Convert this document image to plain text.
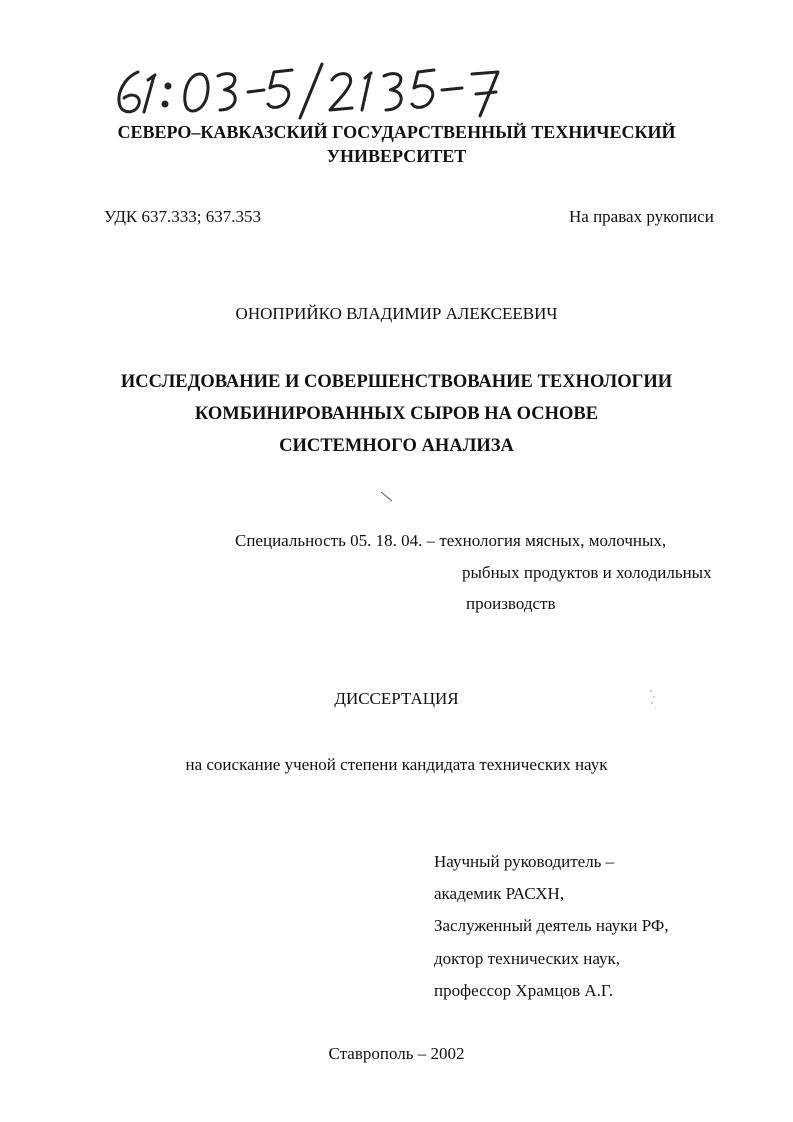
СЕВЕРО–КАВКАЗСКИЙ ГОСУДАРСТВЕННЫЙ ТЕХНИЧЕСКИЙ
УНИВЕРСИТЕТ
УДК 637.333; 637.353	На правах рукописи
ОНОПРИЙКО ВЛАДИМИР АЛЕКСЕЕВИЧ
ИССЛЕДОВАНИЕ И СОВЕРШЕНСТВОВАНИЕ ТЕХНОЛОГИИ
КОМБИНИРОВАННЫХ СЫРОВ НА ОСНОВЕ
СИСТЕМНОГО АНАЛИЗА
Специальность 05. 18. 04. – технология мясных, молочных,
рыбных продуктов и холодильных
производств
ДИССЕРТАЦИЯ
на соискание ученой степени кандидата технических наук
Научный руководитель –
академик РАСХН,
Заслуженный деятель науки РФ,
доктор технических наук,
профессор Храмцов А.Г.
Ставрополь – 2002
